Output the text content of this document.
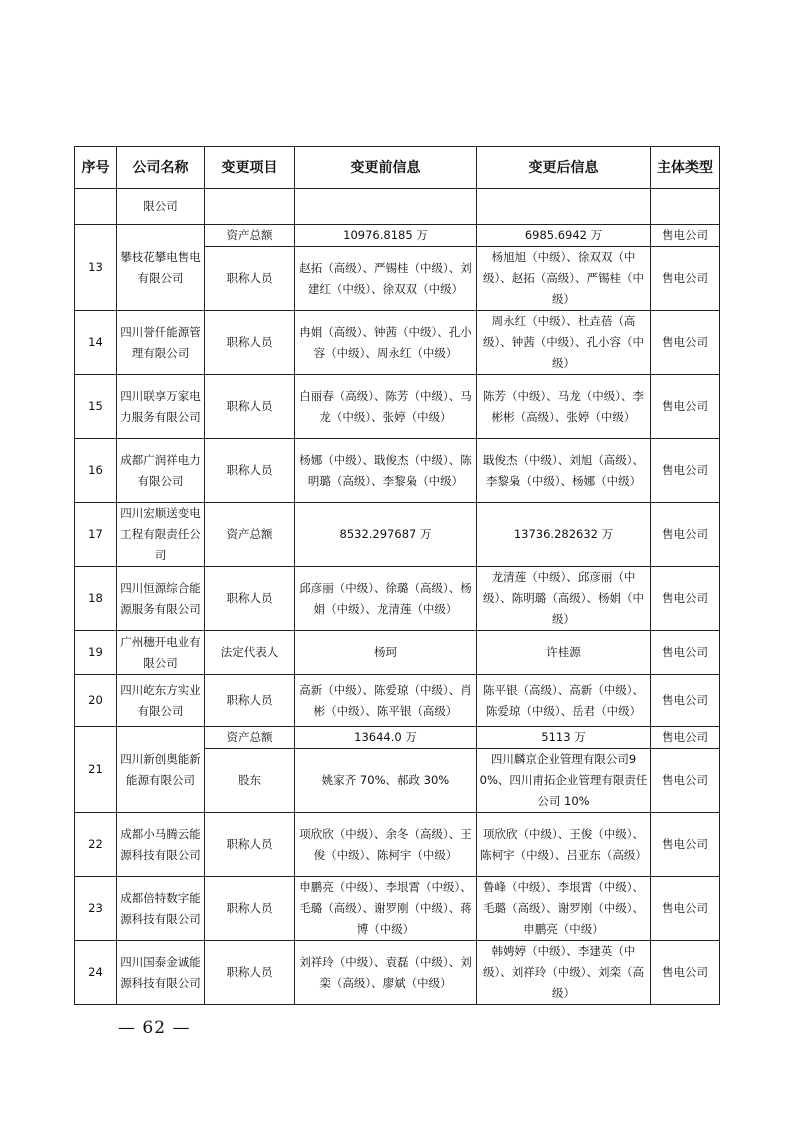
序号	公司名称	变更项目	变更前信息	变更后信息	主体类型
	限公司				
13	攀枝花攀电售电有限公司	资产总额	10976.8185 万	6985.6942 万	售电公司
		职称人员	赵拓（高级）、严锡桂（中级）、刘建红（中级）、徐双双（中级）	杨旭旭（中级）、徐双双（中级）、赵拓（高级）、严锡桂（中级）	售电公司
14	四川誉仟能源管理有限公司	职称人员	冉娟（高级）、钟茜（中级）、孔小容（中级）、周永红（中级）	周永红（中级）、杜垚蓓（高级）、钟茜（中级）、孔小容（中级）	售电公司
15	四川联享万家电力服务有限公司	职称人员	白丽春（高级）、陈芳（中级）、马龙（中级）、张婷（中级）	陈芳（中级）、马龙（中级）、李彬彬（高级）、张婷（中级）	售电公司
16	成都广润祥电力有限公司	职称人员	杨娜（中级）、戢俊杰（中级）、陈明璐（高级）、李黎枭（中级）	戢俊杰（中级）、刘旭（高级）、李黎枭（中级）、杨娜（中级）	售电公司
17	四川宏顺送变电工程有限责任公司	资产总额	8532.297687 万	13736.282632 万	售电公司
18	四川恒源综合能源服务有限公司	职称人员	邱彦丽（中级）、徐璐（高级）、杨娟（中级）、龙清莲（中级）	龙清莲（中级）、邱彦丽（中级）、陈明璐（高级）、杨娟（中级）	售电公司
19	广州穗开电业有限公司	法定代表人	杨珂	许桂源	售电公司
20	四川屹东方实业有限公司	职称人员	高新（中级）、陈爱琼（中级）、肖彬（中级）、陈平银（高级）	陈平银（高级）、高新（中级）、陈爱琼（中级）、岳君（中级）	售电公司
21	四川新创奥能新能源有限公司	资产总额	13644.0 万	5113 万	售电公司
		股东	姚家齐 70%、郝政 30%	四川麟京企业管理有限公司90%、四川甫拓企业管理有限责任公司 10%	售电公司
22	成都小马腾云能源科技有限公司	职称人员	项欣欣（中级）、余冬（高级）、王俊（中级）、陈柯宇（中级）	项欣欣（中级）、王俊（中级）、陈柯宇（中级）、吕亚东（高级）	售电公司
23	成都倍特数字能源科技有限公司	职称人员	申鹏亮（中级）、李垠霄（中级）、毛璐（高级）、谢罗刚（中级）、蒋博（中级）	鲁峰（中级）、李垠霄（中级）、毛璐（高级）、谢罗刚（中级）、申鹏亮（中级）	售电公司
24	四川国泰金诚能源科技有限公司	职称人员	刘祥玲（中级）、袁磊（中级）、刘栾（高级）、廖斌（中级）	韩娉婷（中级）、李建英（中级）、刘祥玲（中级）、刘栾（高级）	售电公司
— 62 —
